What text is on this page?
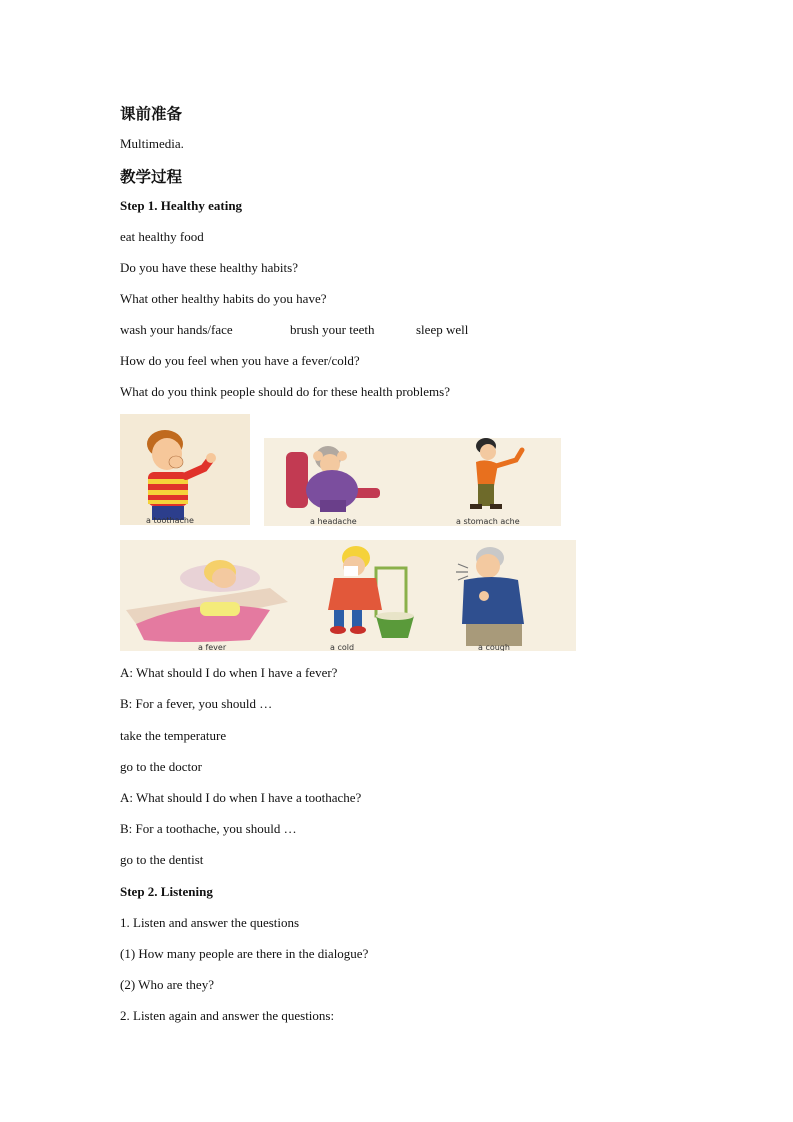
课前准备
Multimedia.
教学过程
Step 1. Healthy eating
eat healthy food
Do you have these healthy habits?
What other healthy habits do you have?
wash your hands/face	brush your teeth	sleep well
How do you feel when you have a fever/cold?
What do you think people should do for these health problems?
a toothache	a headache	a stomach ache
a fever	a cold	a cough
A: What should I do when I have a fever?
B: For a fever, you should …
take the temperature
go to the doctor
A: What should I do when I have a toothache?
B: For a toothache, you should …
go to the dentist
Step 2. Listening
1. Listen and answer the questions
(1) How many people are there in the dialogue?
(2) Who are they?
2. Listen again and answer the questions:
